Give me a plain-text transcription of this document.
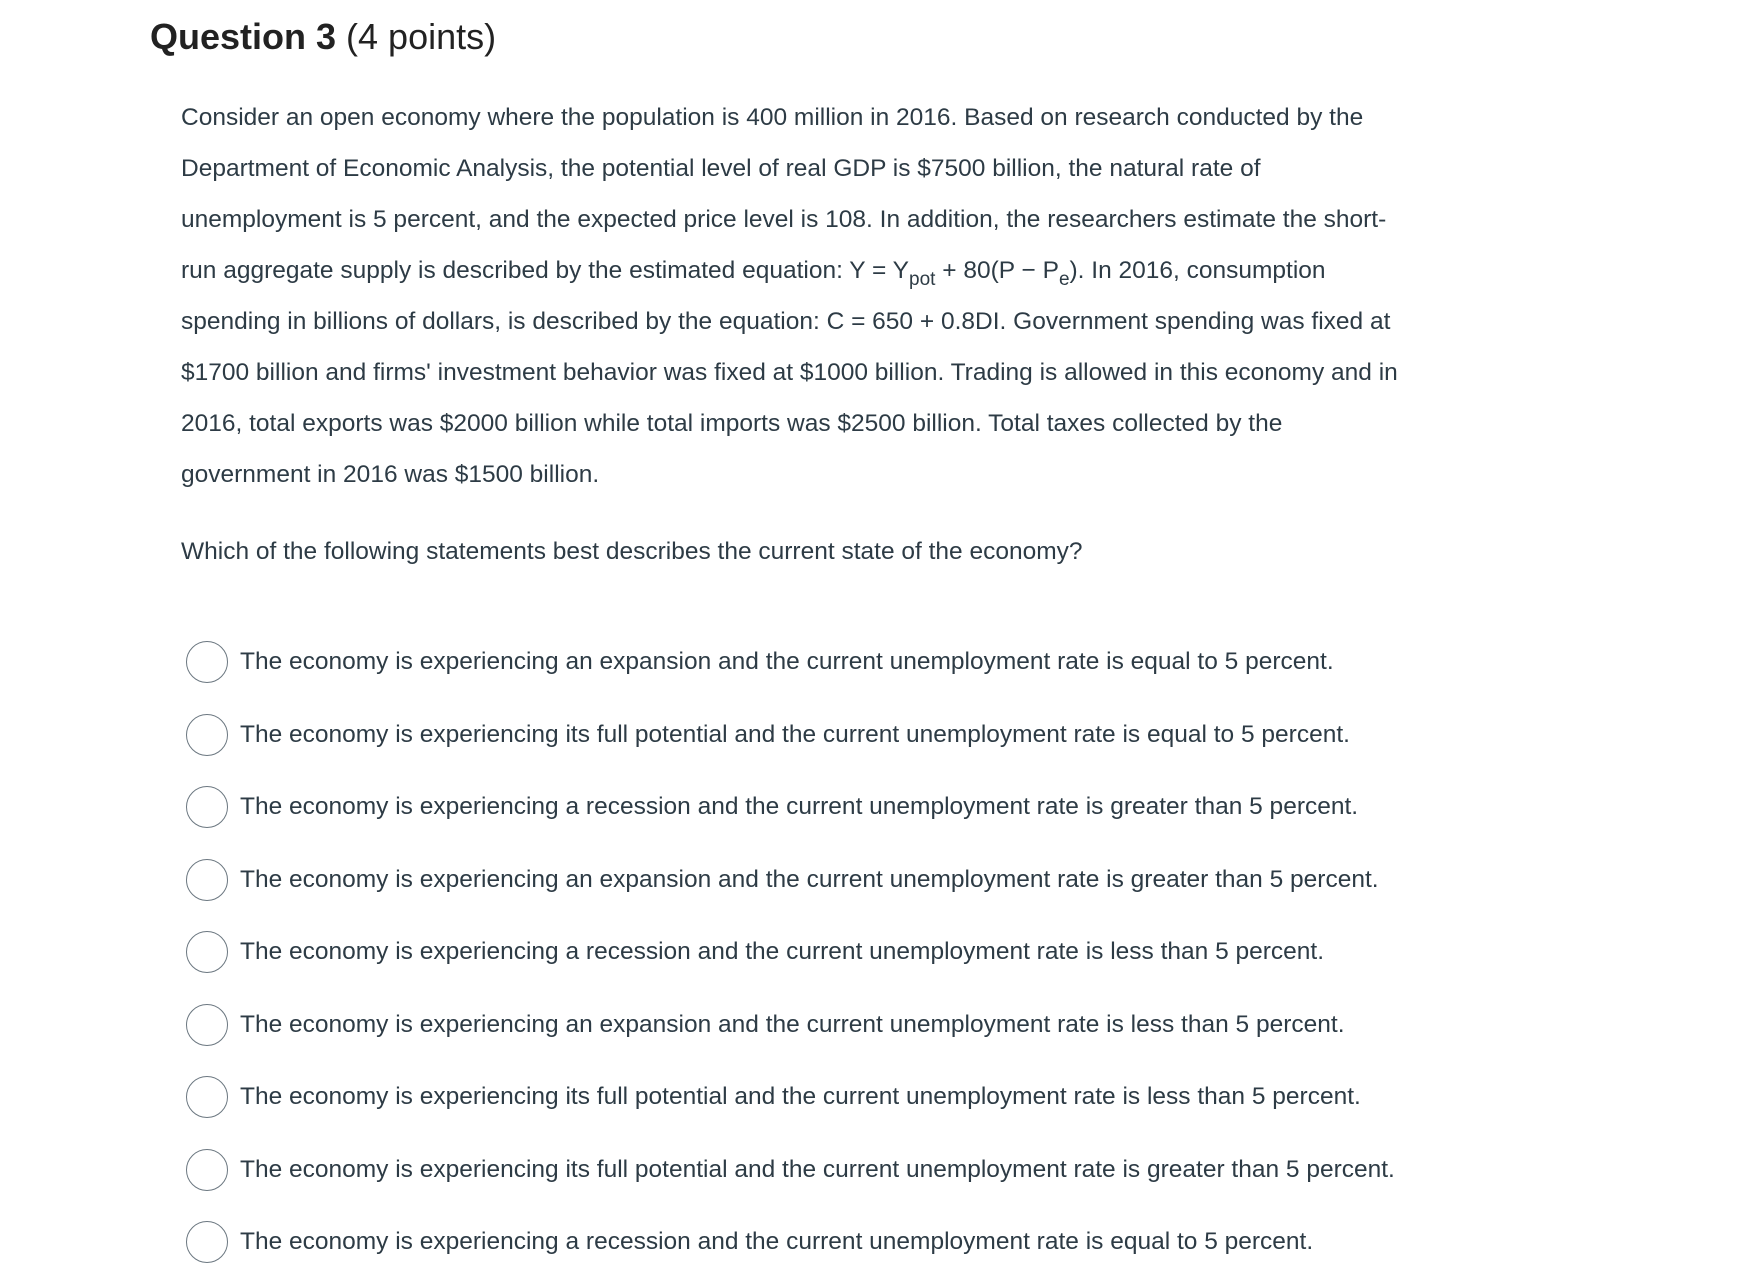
Question 3 (4 points)
Consider an open economy where the population is 400 million in 2016. Based on research conducted by the
Department of Economic Analysis, the potential level of real GDP is $7500 billion, the natural rate of
unemployment is 5 percent, and the expected price level is 108. In addition, the researchers estimate the short-
run aggregate supply is described by the estimated equation: $Y = Y_{pot} + 80(P - P_e)$. In 2016, consumption
spending in billions of dollars, is described by the equation: C = 650 + 0.8DI. Government spending was fixed at
$1700 billion and firms' investment behavior was fixed at $1000 billion. Trading is allowed in this economy and in
2016, total exports was $2000 billion while total imports was $2500 billion. Total taxes collected by the
government in 2016 was $1500 billion.
Which of the following statements best describes the current state of the economy?
The economy is experiencing an expansion and the current unemployment rate is equal to 5 percent.
The economy is experiencing its full potential and the current unemployment rate is equal to 5 percent.
The economy is experiencing a recession and the current unemployment rate is greater than 5 percent.
The economy is experiencing an expansion and the current unemployment rate is greater than 5 percent.
The economy is experiencing a recession and the current unemployment rate is less than 5 percent.
The economy is experiencing an expansion and the current unemployment rate is less than 5 percent.
The economy is experiencing its full potential and the current unemployment rate is less than 5 percent.
The economy is experiencing its full potential and the current unemployment rate is greater than 5 percent.
The economy is experiencing a recession and the current unemployment rate is equal to 5 percent.
